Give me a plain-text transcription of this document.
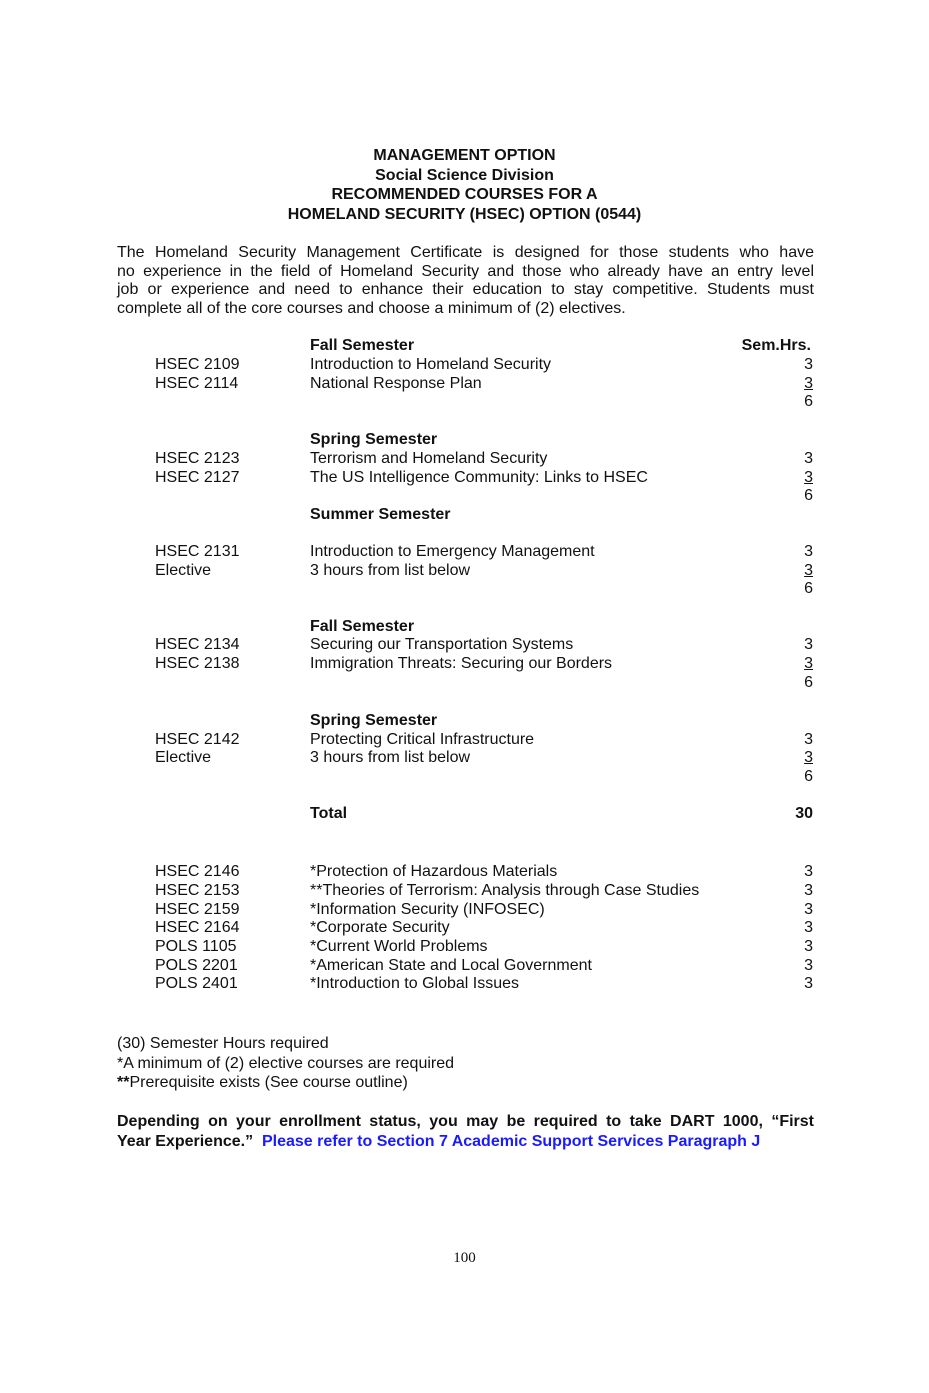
MANAGEMENT OPTION
Social Science Division
RECOMMENDED COURSES FOR A
HOMELAND SECURITY (HSEC) OPTION (0544)
The Homeland Security Management Certificate is designed for those students who have
no experience in the field of Homeland Security and those who already have an entry level
job or experience and need to enhance their education to stay competitive. Students must
complete all of the core courses and choose a minimum of (2) electives.
Fall Semester	Sem.Hrs.
HSEC 2109	Introduction to Homeland Security	3
HSEC 2114	National Response Plan	3
6
Spring Semester
HSEC 2123	Terrorism and Homeland Security	3
HSEC 2127	The US Intelligence Community: Links to HSEC	3
6
Summer Semester
HSEC 2131	Introduction to Emergency Management	3
Elective	3 hours from list below	3
6
Fall Semester
HSEC 2134	Securing our Transportation Systems	3
HSEC 2138	Immigration Threats: Securing our Borders	3
6
Spring Semester
HSEC 2142	Protecting Critical Infrastructure	3
Elective	3 hours from list below	3
6
Total	30
HSEC 2146	*Protection of Hazardous Materials	3
HSEC 2153	**Theories of Terrorism: Analysis through Case Studies	3
HSEC 2159	*Information Security (INFOSEC)	3
HSEC 2164	*Corporate Security	3
POLS 1105	*Current World Problems	3
POLS 2201	*American State and Local Government	3
POLS 2401	*Introduction to Global Issues	3
(30) Semester Hours required
*A minimum of (2) elective courses are required
**Prerequisite exists (See course outline)
Depending on your enrollment status, you may be required to take DART 1000, “First
Year Experience.” Please refer to Section 7 Academic Support Services Paragraph J
100
